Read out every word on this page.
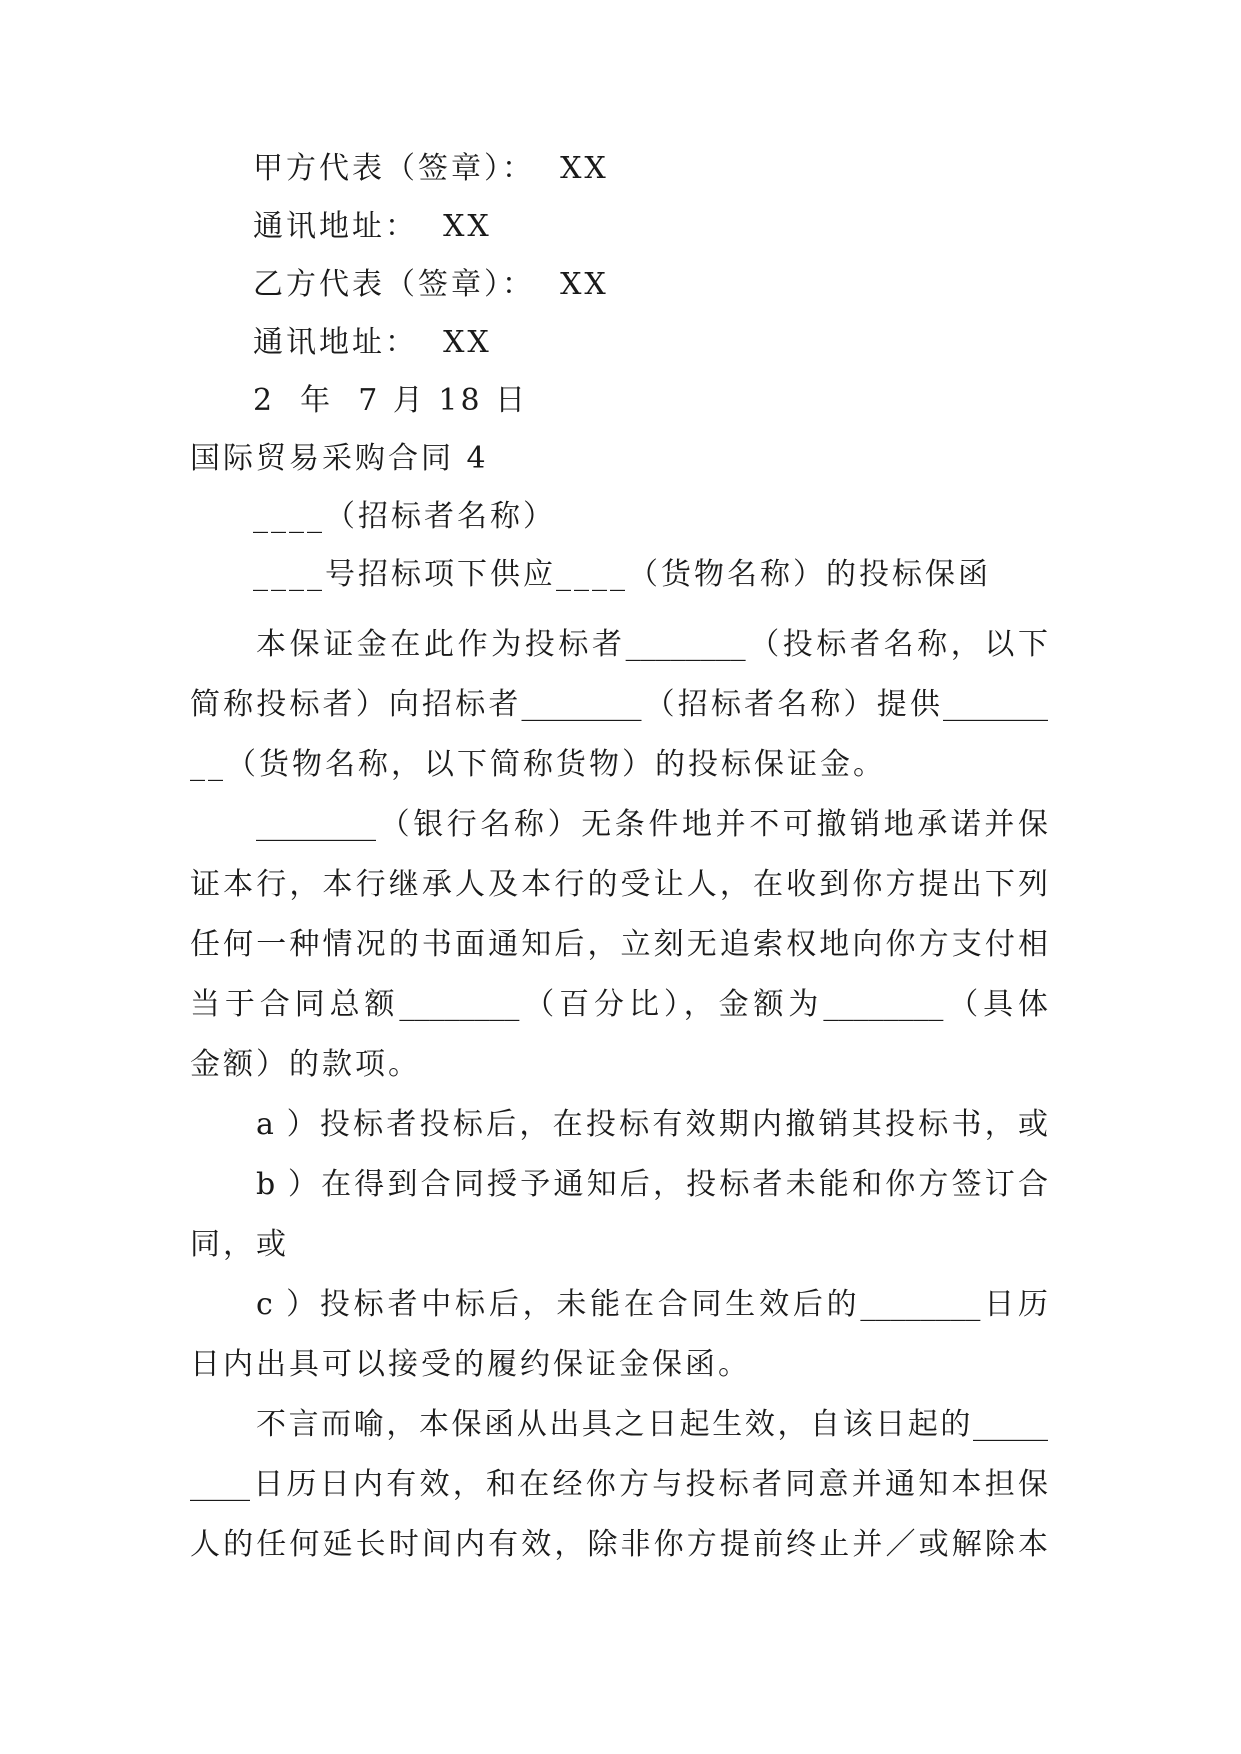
甲方代表（签章）：  XX
通讯地址：  XX
乙方代表（签章）：  XX
通讯地址：  XX
2  年  7 月 18 日
国际贸易采购合同 4
____（招标者名称）
____号招标项下供应____（货物名称）的投标保函
本保证金在此作为投标者________（投标者名称，以下
简称投标者）向招标者________（招标者名称）提供_______
__（货物名称，以下简称货物）的投标保证金。
________（银行名称）无条件地并不可撤销地承诺并保
证本行，本行继承人及本行的受让人，在收到你方提出下列
任何一种情况的书面通知后，立刻无追索权地向你方支付相
当于合同总额________（百分比），金额为________（具体
金额）的款项。
a ）投标者投标后，在投标有效期内撤销其投标书，或
b ）在得到合同授予通知后，投标者未能和你方签订合
同，或
c ）投标者中标后，未能在合同生效后的________日历
日内出具可以接受的履约保证金保函。
不言而喻，本保函从出具之日起生效，自该日起的_____
____日历日内有效，和在经你方与投标者同意并通知本担保
人的任何延长时间内有效，除非你方提前终止并／或解除本
